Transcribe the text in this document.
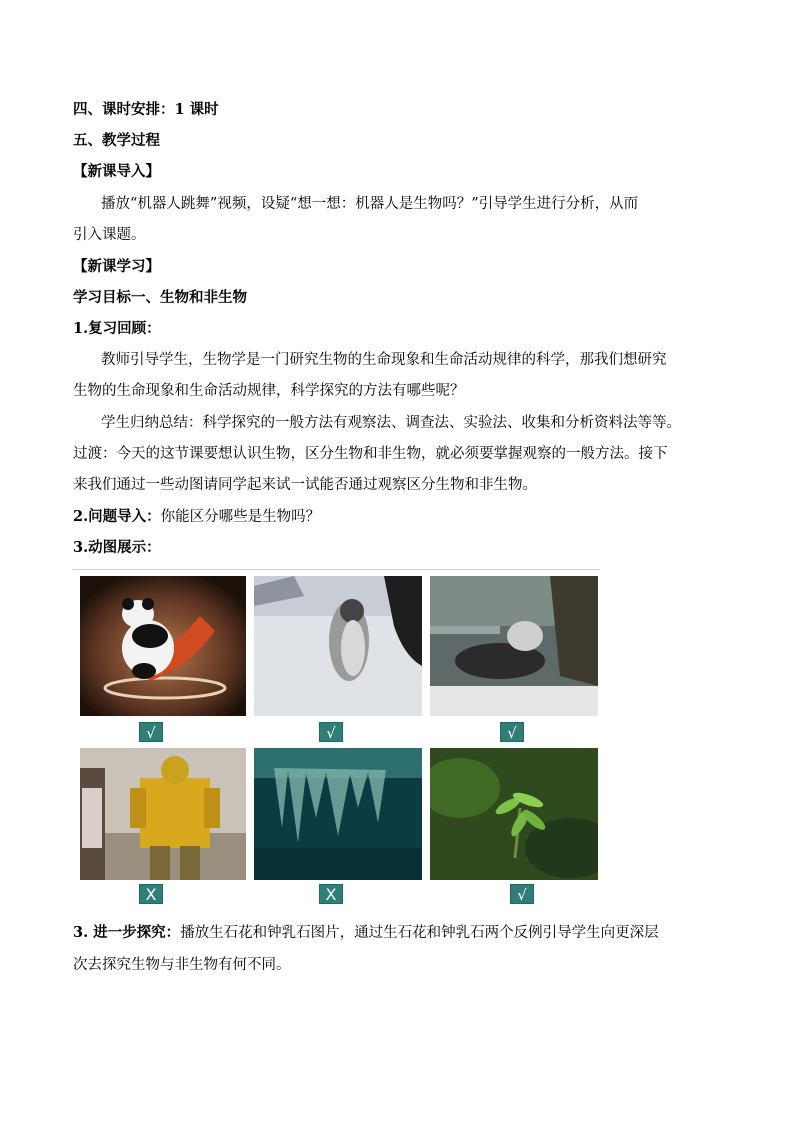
四、课时安排：1 课时
五、教学过程
【新课导入】
播放“机器人跳舞”视频，设疑“想一想：机器人是生物吗？”引导学生进行分析，从而
引入课题。
【新课学习】
学习目标一、生物和非生物
1.复习回顾：
教师引导学生，生物学是一门研究生物的生命现象和生命活动规律的科学，那我们想研究
生物的生命现象和生命活动规律，科学探究的方法有哪些呢？
学生归纳总结：科学探究的一般方法有观察法、调查法、实验法、收集和分析资料法等等。
过渡：今天的这节课要想认识生物，区分生物和非生物，就必须要掌握观察的一般方法。接下
来我们通过一些动图请同学起来试一试能否通过观察区分生物和非生物。
2.问题导入：你能区分哪些是生物吗？
3.动图展示：
√	√	√
X	X	√
3. 进一步探究：播放生石花和钟乳石图片，通过生石花和钟乳石两个反例引导学生向更深层
次去探究生物与非生物有何不同。
